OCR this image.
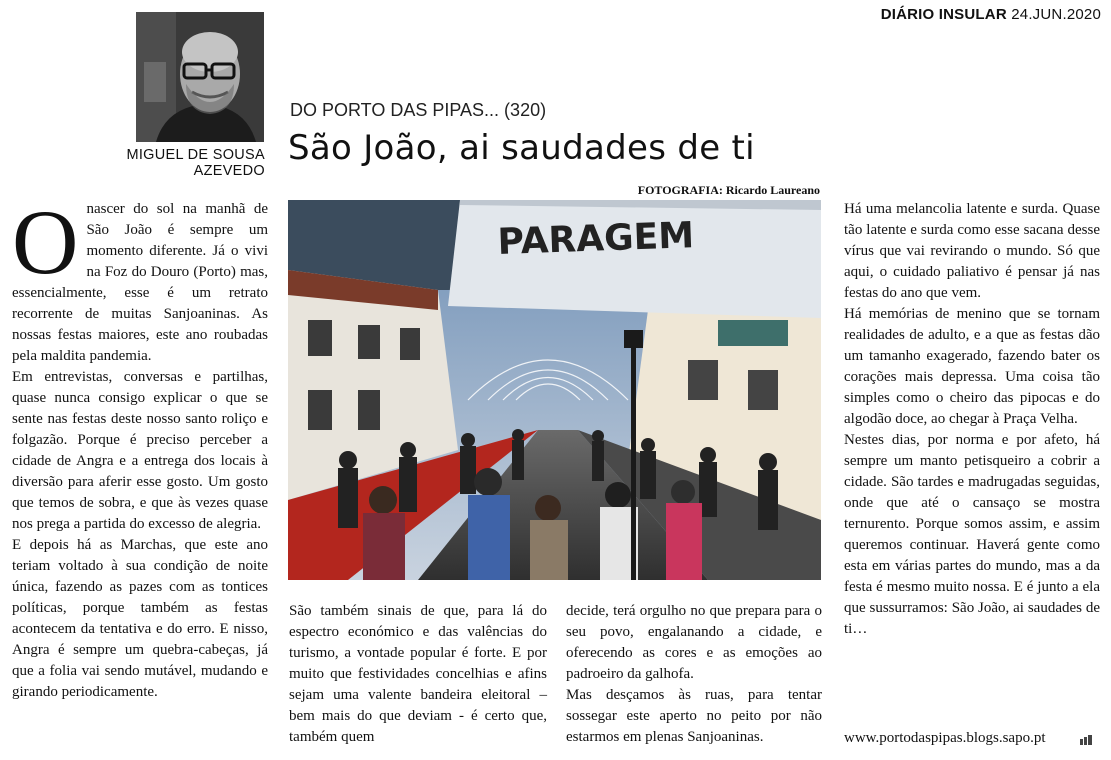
DIÁRIO INSULAR 24.JUN.2020
MIGUEL DE SOUSA AZEVEDO
DO PORTO DAS PIPAS... (320)
São João, ai saudades de ti
FOTOGRAFIA: Ricardo Laureano
PARAGEM

O nascer do sol na manhã de São João é sempre um momento diferente. Já o vivi na Foz do Douro (Porto) mas, essencialmente, esse é um retrato recorrente de muitas Sanjoaninas. As nossas festas maiores, este ano roubadas pela maldita pandemia.

Em entrevistas, conversas e partilhas, quase nunca consigo explicar o que se sente nas festas deste nosso santo roliço e folgazão. Porque é preciso perceber a cidade de Angra e a entrega dos locais à diversão para aferir esse gosto. Um gosto que temos de sobra, e que às vezes quase nos prega a partida do excesso de alegria.

E depois há as Marchas, que este ano teriam voltado à sua condição de noite única, fazendo as pazes com as tontices políticas, porque também as festas acontecem da tentativa e do erro. E nisso, Angra é sempre um quebra-cabeças, já que a folia vai sendo mutável, mudando e girando periodicamente.

São também sinais de que, para lá do espectro económico e das valências do turismo, a vontade popular é forte. E por muito que festividades concelhias e afins sejam uma valente bandeira eleitoral – bem mais do que deviam - é certo que, também quem

decide, terá orgulho no que prepara para o seu povo, engalanando a cidade, e oferecendo as cores e as emoções ao padroeiro da galhofa.

Mas desçamos às ruas, para tentar sossegar este aperto no peito por não estarmos em plenas Sanjoaninas.

Há uma melancolia latente e surda. Quase tão latente e surda como esse sacana desse vírus que vai revirando o mundo. Só que aqui, o cuidado paliativo é pensar já nas festas do ano que vem.

Há memórias de menino que se tornam realidades de adulto, e a que as festas dão um tamanho exagerado, fazendo bater os corações mais depressa. Uma coisa tão simples como o cheiro das pipocas e do algodão doce, ao chegar à Praça Velha.

Nestes dias, por norma e por afeto, há sempre um manto petisqueiro a cobrir a cidade. São tardes e madrugadas seguidas, onde que até o cansaço se mostra ternurento. Porque somos assim, e assim queremos continuar. Haverá gente como esta em várias partes do mundo, mas a da festa é mesmo muito nossa. E é junto a ela que sussurramos: São João, ai saudades de ti…

www.portodaspipas.blogs.sapo.pt
